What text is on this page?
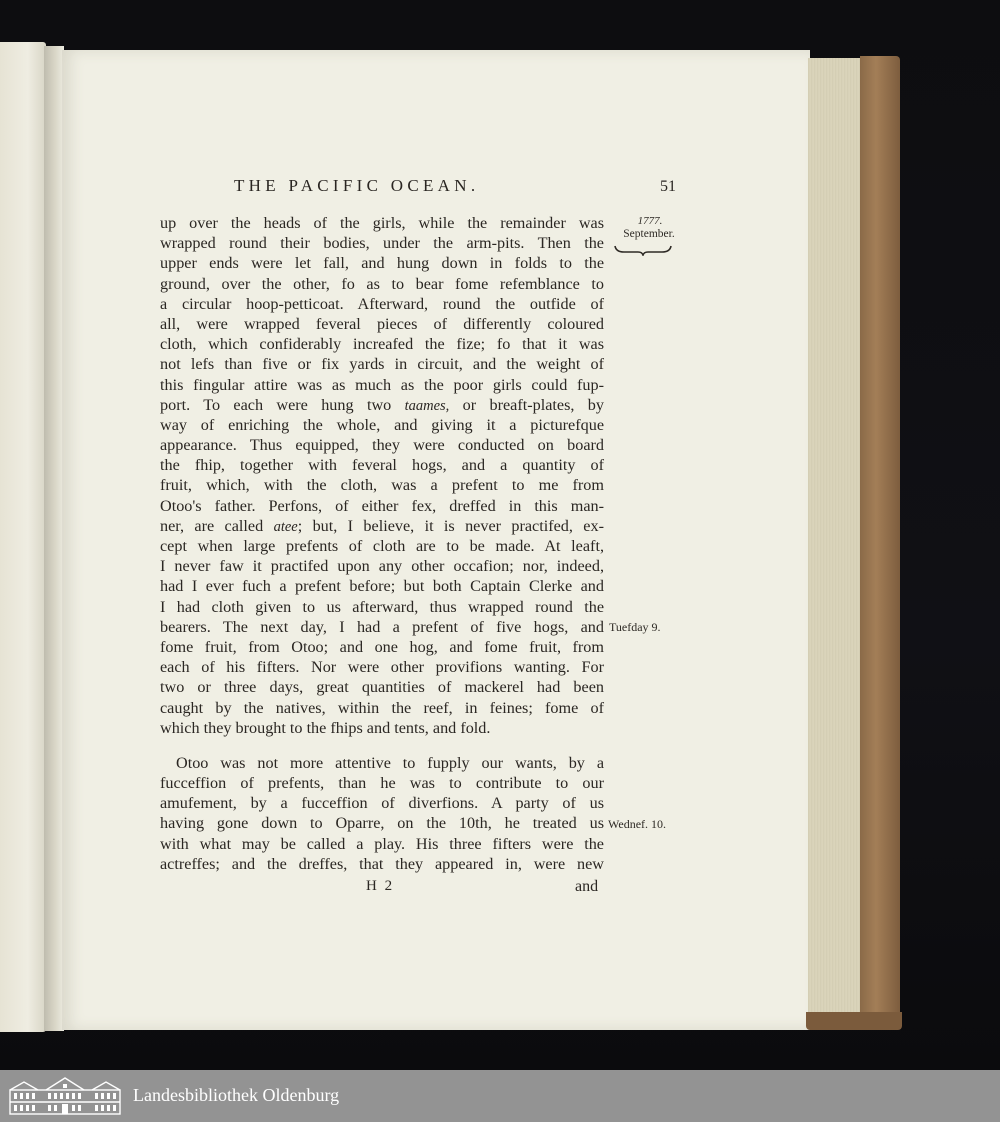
THE PACIFIC OCEAN.	51
1777.
September.
up over the heads of the girls, while the remainder was
wrapped round their bodies, under the arm-pits. Then the
upper ends were let fall, and hung down in folds to the
ground, over the other, fo as to bear fome refemblance to
a circular hoop-petticoat. Afterward, round the outfide of
all, were wrapped feveral pieces of differently coloured
cloth, which confiderably increafed the fize; fo that it was
not lefs than five or fix yards in circuit, and the weight of
this fingular attire was as much as the poor girls could fup-
port. To each were hung two taames, or breaft-plates, by
way of enriching the whole, and giving it a picturefque
appearance. Thus equipped, they were conducted on board
the fhip, together with feveral hogs, and a quantity of
fruit, which, with the cloth, was a prefent to me from
Otoo's father. Perfons, of either fex, dreffed in this man-
ner, are called atee; but, I believe, it is never practifed, ex-
cept when large prefents of cloth are to be made. At leaft,
I never faw it practifed upon any other occafion; nor, indeed,
had I ever fuch a prefent before; but both Captain Clerke and
I had cloth given to us afterward, thus wrapped round the
bearers. The next day, I had a prefent of five hogs, and
fome fruit, from Otoo; and one hog, and fome fruit, from
each of his fifters. Nor were other provifions wanting. For
two or three days, great quantities of mackerel had been
caught by the natives, within the reef, in feines; fome of
which they brought to the fhips and tents, and fold.
Otoo was not more attentive to fupply our wants, by a
fucceffion of prefents, than he was to contribute to our
amufement, by a fucceffion of diverfions. A party of us
having gone down to Oparre, on the 10th, he treated us
with what may be called a play. His three fifters were the
actreffes; and the dreffes, that they appeared in, were new
Tuefday 9.
Wednef. 10.
H 2	and
Landesbibliothek Oldenburg
